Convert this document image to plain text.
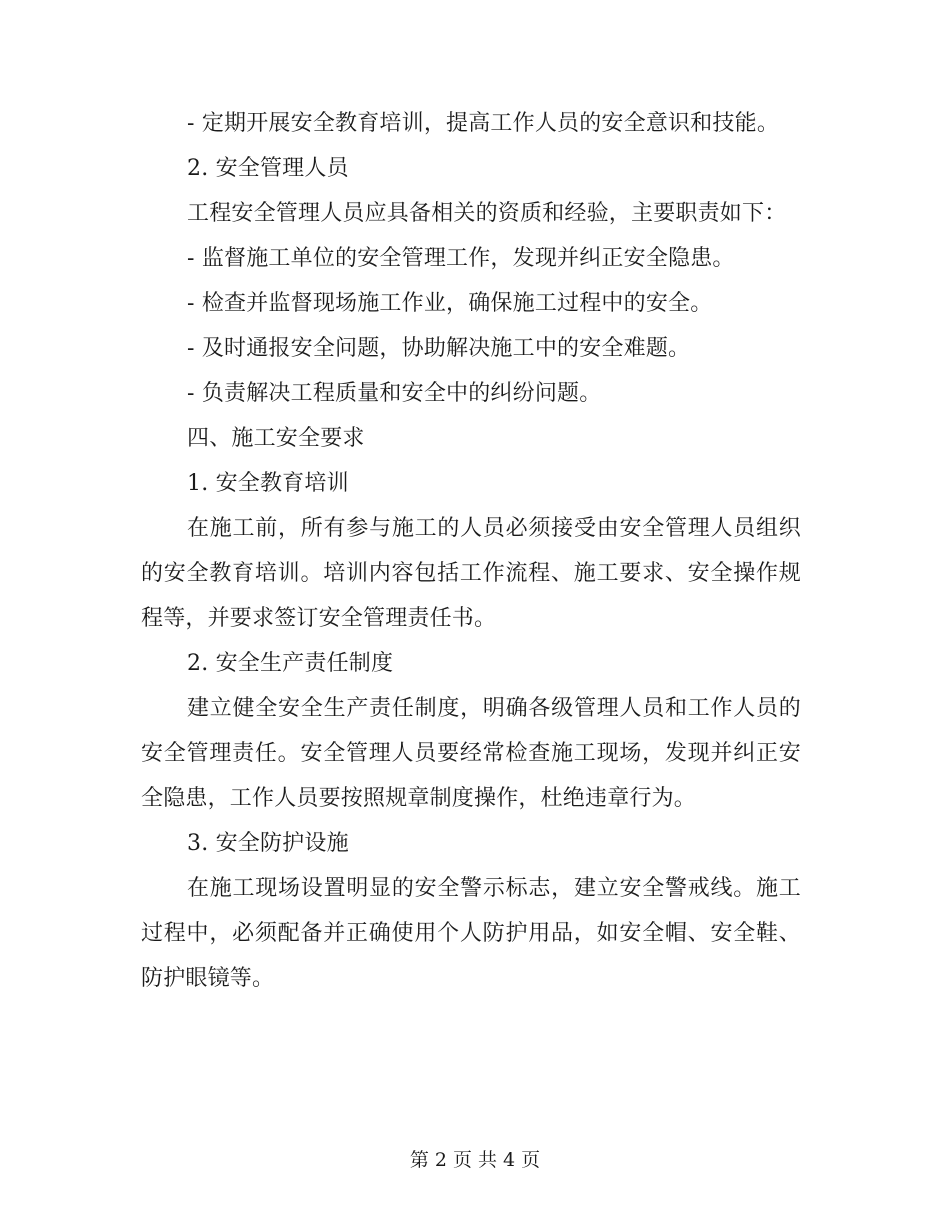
- 定期开展安全教育培训，提高工作人员的安全意识和技能。

2. 安全管理人员

工程安全管理人员应具备相关的资质和经验，主要职责如下：

- 监督施工单位的安全管理工作，发现并纠正安全隐患。

- 检查并监督现场施工作业，确保施工过程中的安全。

- 及时通报安全问题，协助解决施工中的安全难题。

- 负责解决工程质量和安全中的纠纷问题。

四、施工安全要求

1. 安全教育培训

在施工前，所有参与施工的人员必须接受由安全管理人员组织的安全教育培训。培训内容包括工作流程、施工要求、安全操作规程等，并要求签订安全管理责任书。

2. 安全生产责任制度

建立健全安全生产责任制度，明确各级管理人员和工作人员的安全管理责任。安全管理人员要经常检查施工现场，发现并纠正安全隐患，工作人员要按照规章制度操作，杜绝违章行为。

3. 安全防护设施

在施工现场设置明显的安全警示标志，建立安全警戒线。施工过程中，必须配备并正确使用个人防护用品，如安全帽、安全鞋、防护眼镜等。

第 2 页 共 4 页
